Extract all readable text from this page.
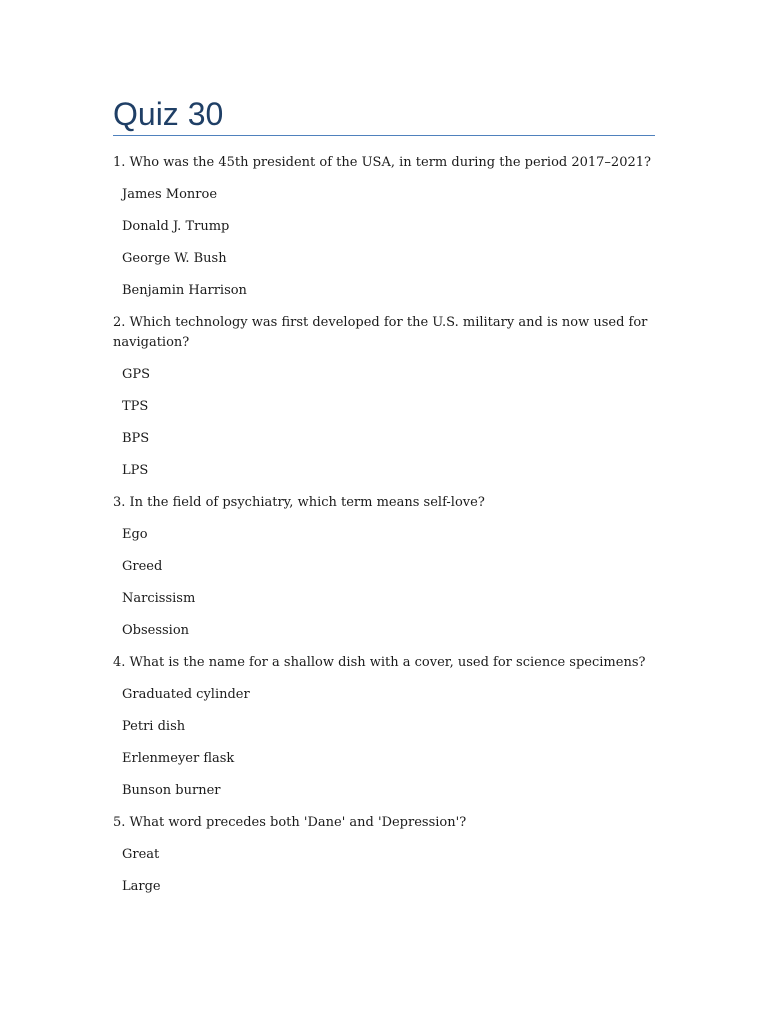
Quiz 30

1. Who was the 45th president of the USA, in term during the period 2017–2021?

James Monroe

Donald J. Trump

George W. Bush

Benjamin Harrison

2. Which technology was first developed for the U.S. military and is now used for navigation?

GPS

TPS

BPS

LPS

3. In the field of psychiatry, which term means self-love?

Ego

Greed

Narcissism

Obsession

4. What is the name for a shallow dish with a cover, used for science specimens?

Graduated cylinder

Petri dish

Erlenmeyer flask

Bunson burner

5. What word precedes both 'Dane' and 'Depression'?

Great

Large
